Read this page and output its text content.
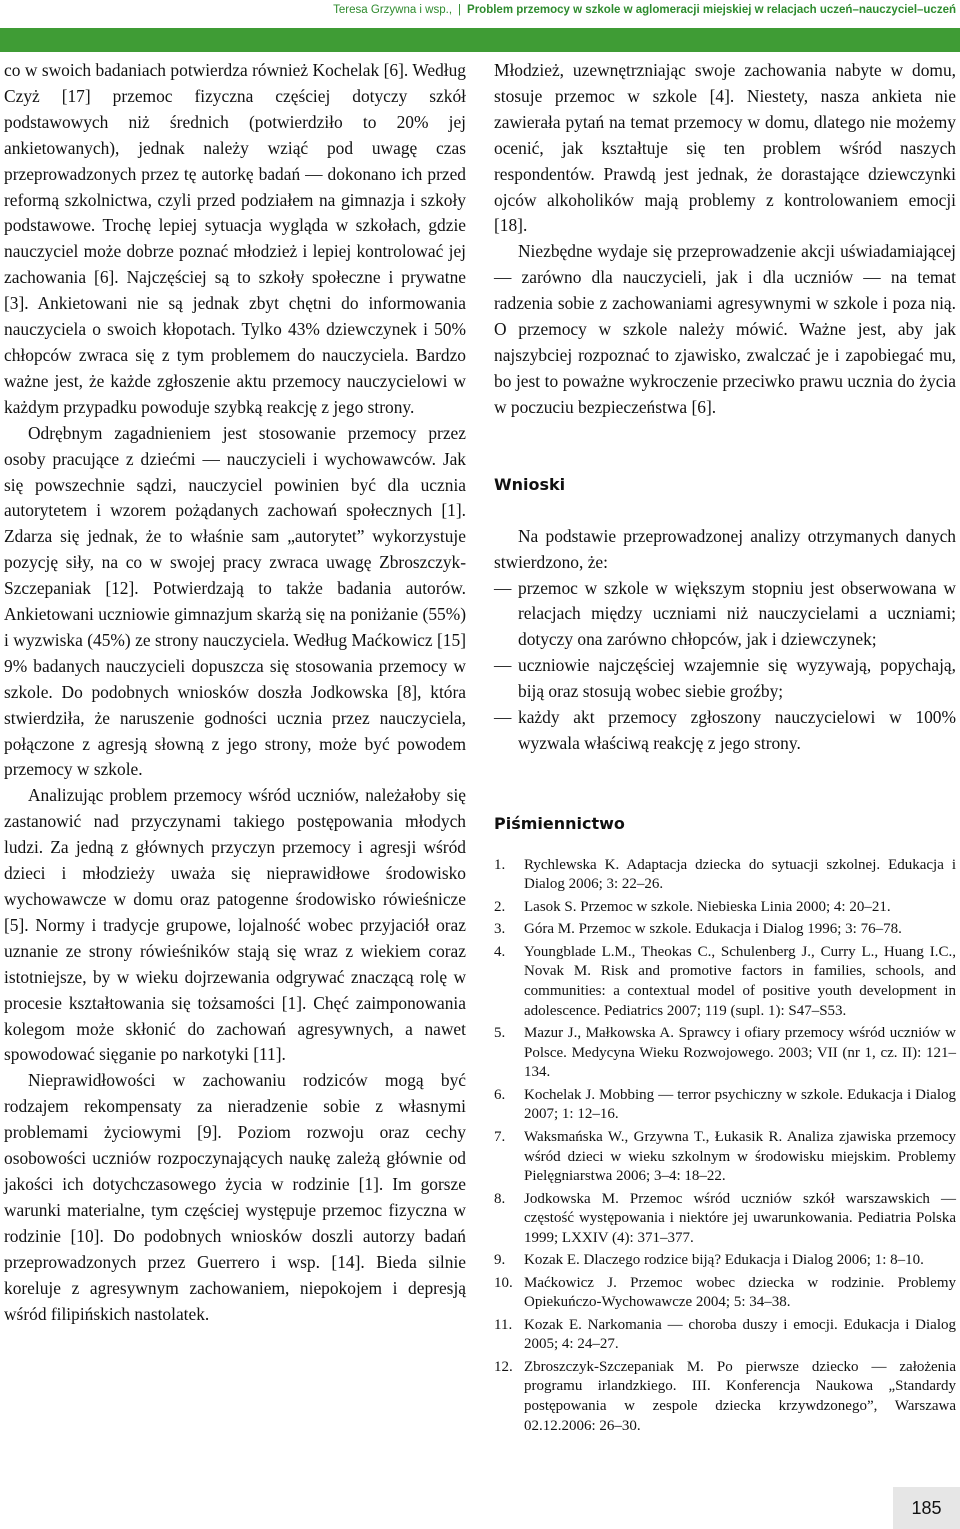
Teresa Grzywna i wsp., | Problem przemocy w szkole w aglomeracji miejskiej w relacjach uczeń–nauczyciel–uczeń

co w swoich badaniach potwierdza również Kochelak [6]. Według Czyż [17] przemoc fizyczna częściej dotyczy szkół podstawowych niż średnich (potwierdziło to 20% jej ankietowanych), jednak należy wziąć pod uwagę czas przeprowadzonych przez tę autorkę badań — dokonano ich przed reformą szkolnictwa, czyli przed podziałem na gimnazja i szkoły podstawowe. Trochę lepiej sytuacja wygląda w szkołach, gdzie nauczyciel może dobrze poznać młodzież i lepiej kontrolować jej zachowania [6]. Najczęściej są to szkoły społeczne i prywatne [3]. Ankietowani nie są jednak zbyt chętni do informowania nauczyciela o swoich kłopotach. Tylko 43% dziewczynek i 50% chłopców zwraca się z tym problemem do nauczyciela. Bardzo ważne jest, że każde zgłoszenie aktu przemocy nauczycielowi w każdym przypadku powoduje szybką reakcję z jego strony.

Odrębnym zagadnieniem jest stosowanie przemocy przez osoby pracujące z dziećmi — nauczycieli i wychowawców. Jak się powszechnie sądzi, nauczyciel powinien być dla ucznia autorytetem i wzorem pożądanych zachowań społecznych [1]. Zdarza się jednak, że to właśnie sam „autorytet” wykorzystuje pozycję siły, na co w swojej pracy zwraca uwagę Zbroszczyk-Szczepaniak [12]. Potwierdzają to także badania autorów. Ankietowani uczniowie gimnazjum skarżą się na poniżanie (55%) i wyzwiska (45%) ze strony nauczyciela. Według Maćkowicz [15] 9% badanych nauczycieli dopuszcza się stosowania przemocy w szkole. Do podobnych wniosków doszła Jodkowska [8], która stwierdziła, że naruszenie godności ucznia przez nauczyciela, połączone z agresją słowną z jego strony, może być powodem przemocy w szkole.

Analizując problem przemocy wśród uczniów, należałoby się zastanowić nad przyczynami takiego postępowania młodych ludzi. Za jedną z głównych przyczyn przemocy i agresji wśród dzieci i młodzieży uważa się nieprawidłowe środowisko wychowawcze w domu oraz patogenne środowisko rówieśnicze [5]. Normy i tradycje grupowe, lojalność wobec przyjaciół oraz uznanie ze strony rówieśników stają się wraz z wiekiem coraz istotniejsze, by w wieku dojrzewania odgrywać znaczącą rolę w procesie kształtowania się tożsamości [1]. Chęć zaimponowania kolegom może skłonić do zachowań agresywnych, a nawet spowodować sięganie po narkotyki [11].

Nieprawidłowości w zachowaniu rodziców mogą być rodzajem rekompensaty za nieradzenie sobie z własnymi problemami życiowymi [9]. Poziom rozwoju oraz cechy osobowości uczniów rozpoczynających naukę zależą głównie od jakości ich dotychczasowego życia w rodzinie [1]. Im gorsze warunki materialne, tym częściej występuje przemoc fizyczna w rodzinie [10]. Do podobnych wniosków doszli autorzy badań przeprowadzonych przez Guerrero i wsp. [14]. Bieda silnie koreluje z agresywnym zachowaniem, niepokojem i depresją wśród filipińskich nastolatek.

Młodzież, uzewnętrzniając swoje zachowania nabyte w domu, stosuje przemoc w szkole [4]. Niestety, nasza ankieta nie zawierała pytań na temat przemocy w domu, dlatego nie możemy ocenić, jak kształtuje się ten problem wśród naszych respondentów. Prawdą jest jednak, że dorastające dziewczynki ojców alkoholików mają problemy z kontrolowaniem emocji [18].

Niezbędne wydaje się przeprowadzenie akcji uświadamiającej — zarówno dla nauczycieli, jak i dla uczniów — na temat radzenia sobie z zachowaniami agresywnymi w szkole i poza nią. O przemocy w szkole należy mówić. Ważne jest, aby jak najszybciej rozpoznać to zjawisko, zwalczać je i zapobiegać mu, bo jest to poważne wykroczenie przeciwko prawu ucznia do życia w poczuciu bezpieczeństwa [6].

Wnioski

Na podstawie przeprowadzonej analizy otrzymanych danych stwierdzono, że:

— przemoc w szkole w większym stopniu jest obserwowana w relacjach między uczniami niż nauczycielami a uczniami; dotyczy ona zarówno chłopców, jak i dziewczynek;
— uczniowie najczęściej wzajemnie się wyzywają, popychają, biją oraz stosują wobec siebie groźby;
— każdy akt przemocy zgłoszony nauczycielowi w 100% wyzwala właściwą reakcję z jego strony.
Piśmiennictwo
1. Rychlewska K. Adaptacja dziecka do sytuacji szkolnej. Edukacja i Dialog 2006; 3: 22–26.
2. Lasok S. Przemoc w szkole. Niebieska Linia 2000; 4: 20–21.
3. Góra M. Przemoc w szkole. Edukacja i Dialog 1996; 3: 76–78.
4. Youngblade L.M., Theokas C., Schulenberg J., Curry L., Huang I.C., Novak M. Risk and promotive factors in families, schools, and communities: a contextual model of positive youth development in adolescence. Pediatrics 2007; 119 (supl. 1): S47–S53.
5. Mazur J., Małkowska A. Sprawcy i ofiary przemocy wśród uczniów w Polsce. Medycyna Wieku Rozwojowego. 2003; VII (nr 1, cz. II): 121–134.
6. Kochelak J. Mobbing — terror psychiczny w szkole. Edukacja i Dialog 2007; 1: 12–16.
7. Waksmańska W., Grzywna T., Łukasik R. Analiza zjawiska przemocy wśród dzieci w wieku szkolnym w środowisku miejskim. Problemy Pielęgniarstwa 2006; 3–4: 18–22.
8. Jodkowska M. Przemoc wśród uczniów szkół warszawskich — częstość występowania i niektóre jej uwarunkowania. Pediatria Polska 1999; LXXIV (4): 371–377.
9. Kozak E. Dlaczego rodzice biją? Edukacja i Dialog 2006; 1: 8–10.
10. Maćkowicz J. Przemoc wobec dziecka w rodzinie. Problemy Opiekuńczo-Wychowawcze 2004; 5: 34–38.
11. Kozak E. Narkomania — choroba duszy i emocji. Edukacja i Dialog 2005; 4: 24–27.
12. Zbroszczyk-Szczepaniak M. Po pierwsze dziecko — założenia programu irlandzkiego. III. Konferencja Naukowa „Standardy postępowania w zespole dziecka krzywdzonego”, Warszawa 02.12.2006: 26–30.
185
